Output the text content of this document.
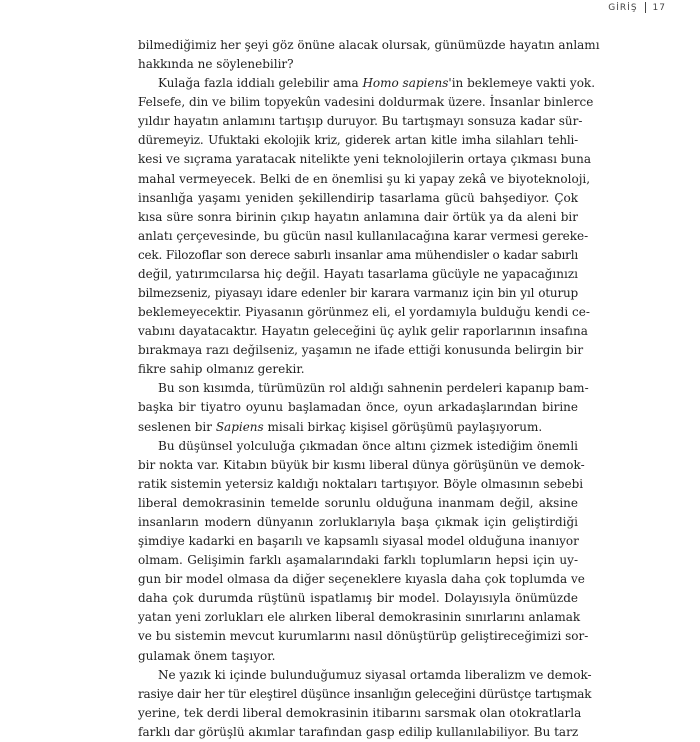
GİRİŞ 17

bilmediğimiz her şeyi göz önüne alacak olursak, günümüzde hayatın anlamı
hakkında ne söylenebilir?

Kulağa fazla iddialı gelebilir ama Homo sapiens'in beklemeye vakti yok.
Felsefe, din ve bilim topyekûn vadesini doldurmak üzere. İnsanlar binlerce
yıldır hayatın anlamını tartışıp duruyor. Bu tartışmayı sonsuza kadar sür-
düremeyiz. Ufuktaki ekolojik kriz, giderek artan kitle imha silahları tehli-
kesi ve sıçrama yaratacak nitelikte yeni teknolojilerin ortaya çıkması buna
mahal vermeyecek. Belki de en önemlisi şu ki yapay zekâ ve biyoteknoloji,
insanlığa yaşamı yeniden şekillendirip tasarlama gücü bahşediyor. Çok
kısa süre sonra birinin çıkıp hayatın anlamına dair örtük ya da aleni bir
anlatı çerçevesinde, bu gücün nasıl kullanılacağına karar vermesi gereke-
cek. Filozoflar son derece sabırlı insanlar ama mühendisler o kadar sabırlı
değil, yatırımcılarsa hiç değil. Hayatı tasarlama gücüyle ne yapacağınızı
bilmezseniz, piyasayı idare edenler bir karara varmanız için bin yıl oturup
beklemeyecektir. Piyasanın görünmez eli, el yordamıyla bulduğu kendi ce-
vabını dayatacaktır. Hayatın geleceğini üç aylık gelir raporlarının insafına
bırakmaya razı değilseniz, yaşamın ne ifade ettiği konusunda belirgin bir
fikre sahip olmanız gerekir.

Bu son kısımda, türümüzün rol aldığı sahnenin perdeleri kapanıp bam-
başka bir tiyatro oyunu başlamadan önce, oyun arkadaşlarından birine
seslenen bir Sapiens misali birkaç kişisel görüşümü paylaşıyorum.

Bu düşünsel yolculuğa çıkmadan önce altını çizmek istediğim önemli
bir nokta var. Kitabın büyük bir kısmı liberal dünya görüşünün ve demok-
ratik sistemin yetersiz kaldığı noktaları tartışıyor. Böyle olmasının sebebi
liberal demokrasinin temelde sorunlu olduğuna inanmam değil, aksine
insanların modern dünyanın zorluklarıyla başa çıkmak için geliştirdiği
şimdiye kadarki en başarılı ve kapsamlı siyasal model olduğuna inanıyor
olmam. Gelişimin farklı aşamalarındaki farklı toplumların hepsi için uy-
gun bir model olmasa da diğer seçeneklere kıyasla daha çok toplumda ve
daha çok durumda rüştünü ispatlamış bir model. Dolayısıyla önümüzde
yatan yeni zorlukları ele alırken liberal demokrasinin sınırlarını anlamak
ve bu sistemin mevcut kurumlarını nasıl dönüştürüp geliştireceğimizi sor-
gulamak önem taşıyor.

Ne yazık ki içinde bulunduğumuz siyasal ortamda liberalizm ve demok-
rasiye dair her tür eleştirel düşünce insanlığın geleceğini dürüstçe tartışmak
yerine, tek derdi liberal demokrasinin itibarını sarsmak olan otokratlarla
farklı dar görüşlü akımlar tarafından gasp edilip kullanılabiliyor. Bu tarz
